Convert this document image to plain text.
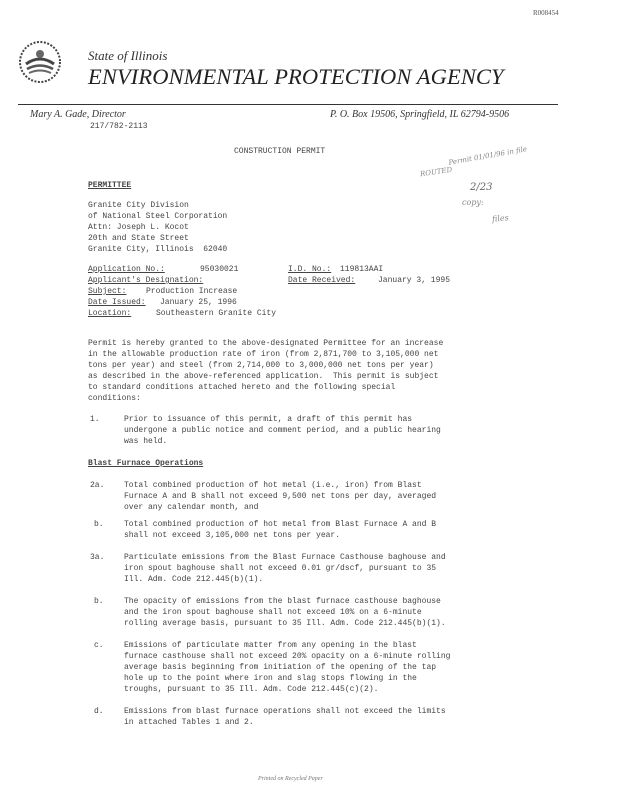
R008454
State of Illinois
ENVIRONMENTAL PROTECTION AGENCY
Mary A. Gade, Director	P. O. Box 19506, Springfield, IL 62794-9506
217/782-2113
CONSTRUCTION PERMIT	Permit 01/01/96 in file
ROUTED
2/23
copy:
files
PERMITTEE
Granite City Division
of National Steel Corporation
Attn: Joseph L. Kocot
20th and State Street
Granite City, Illinois  62040
Application No.:	95030021	I.D. No.: 119813AAI
Applicant's Designation:	Date Received:	January 3, 1995
Subject: Production Increase
Date Issued: January 25, 1996
Location:	Southeastern Granite City
Permit is hereby granted to the above-designated Permittee for an increase
in the allowable production rate of iron (from 2,871,700 to 3,105,000 net
tons per year) and steel (from 2,714,000 to 3,000,000 net tons per year)
as described in the above-referenced application.  This permit is subject
to standard conditions attached hereto and the following special
conditions:
1.	Prior to issuance of this permit, a draft of this permit has
undergone a public notice and comment period, and a public hearing
was held.
Blast Furnace Operations
2a. Total combined production of hot metal (i.e., iron) from Blast
Furnace A and B shall not exceed 9,500 net tons per day, averaged
over any calendar month, and
b.	Total combined production of hot metal from Blast Furnace A and B
shall not exceed 3,105,000 net tons per year.
3a. Particulate emissions from the Blast Furnace Casthouse baghouse and
iron spout baghouse shall not exceed 0.01 gr/dscf, pursuant to 35
Ill. Adm. Code 212.445(b)(1).
b.	The opacity of emissions from the blast furnace casthouse baghouse
and the iron spout baghouse shall not exceed 10% on a 6-minute
rolling average basis, pursuant to 35 Ill. Adm. Code 212.445(b)(1).
c.	Emissions of particulate matter from any opening in the blast
furnace casthouse shall not exceed 20% opacity on a 6-minute rolling
average basis beginning from initiation of the opening of the tap
hole up to the point where iron and slag stops flowing in the
troughs, pursuant to 35 Ill. Adm. Code 212.445(c)(2).
d.	Emissions from blast furnace operations shall not exceed the limits
in attached Tables 1 and 2.
Printed on Recycled Paper
